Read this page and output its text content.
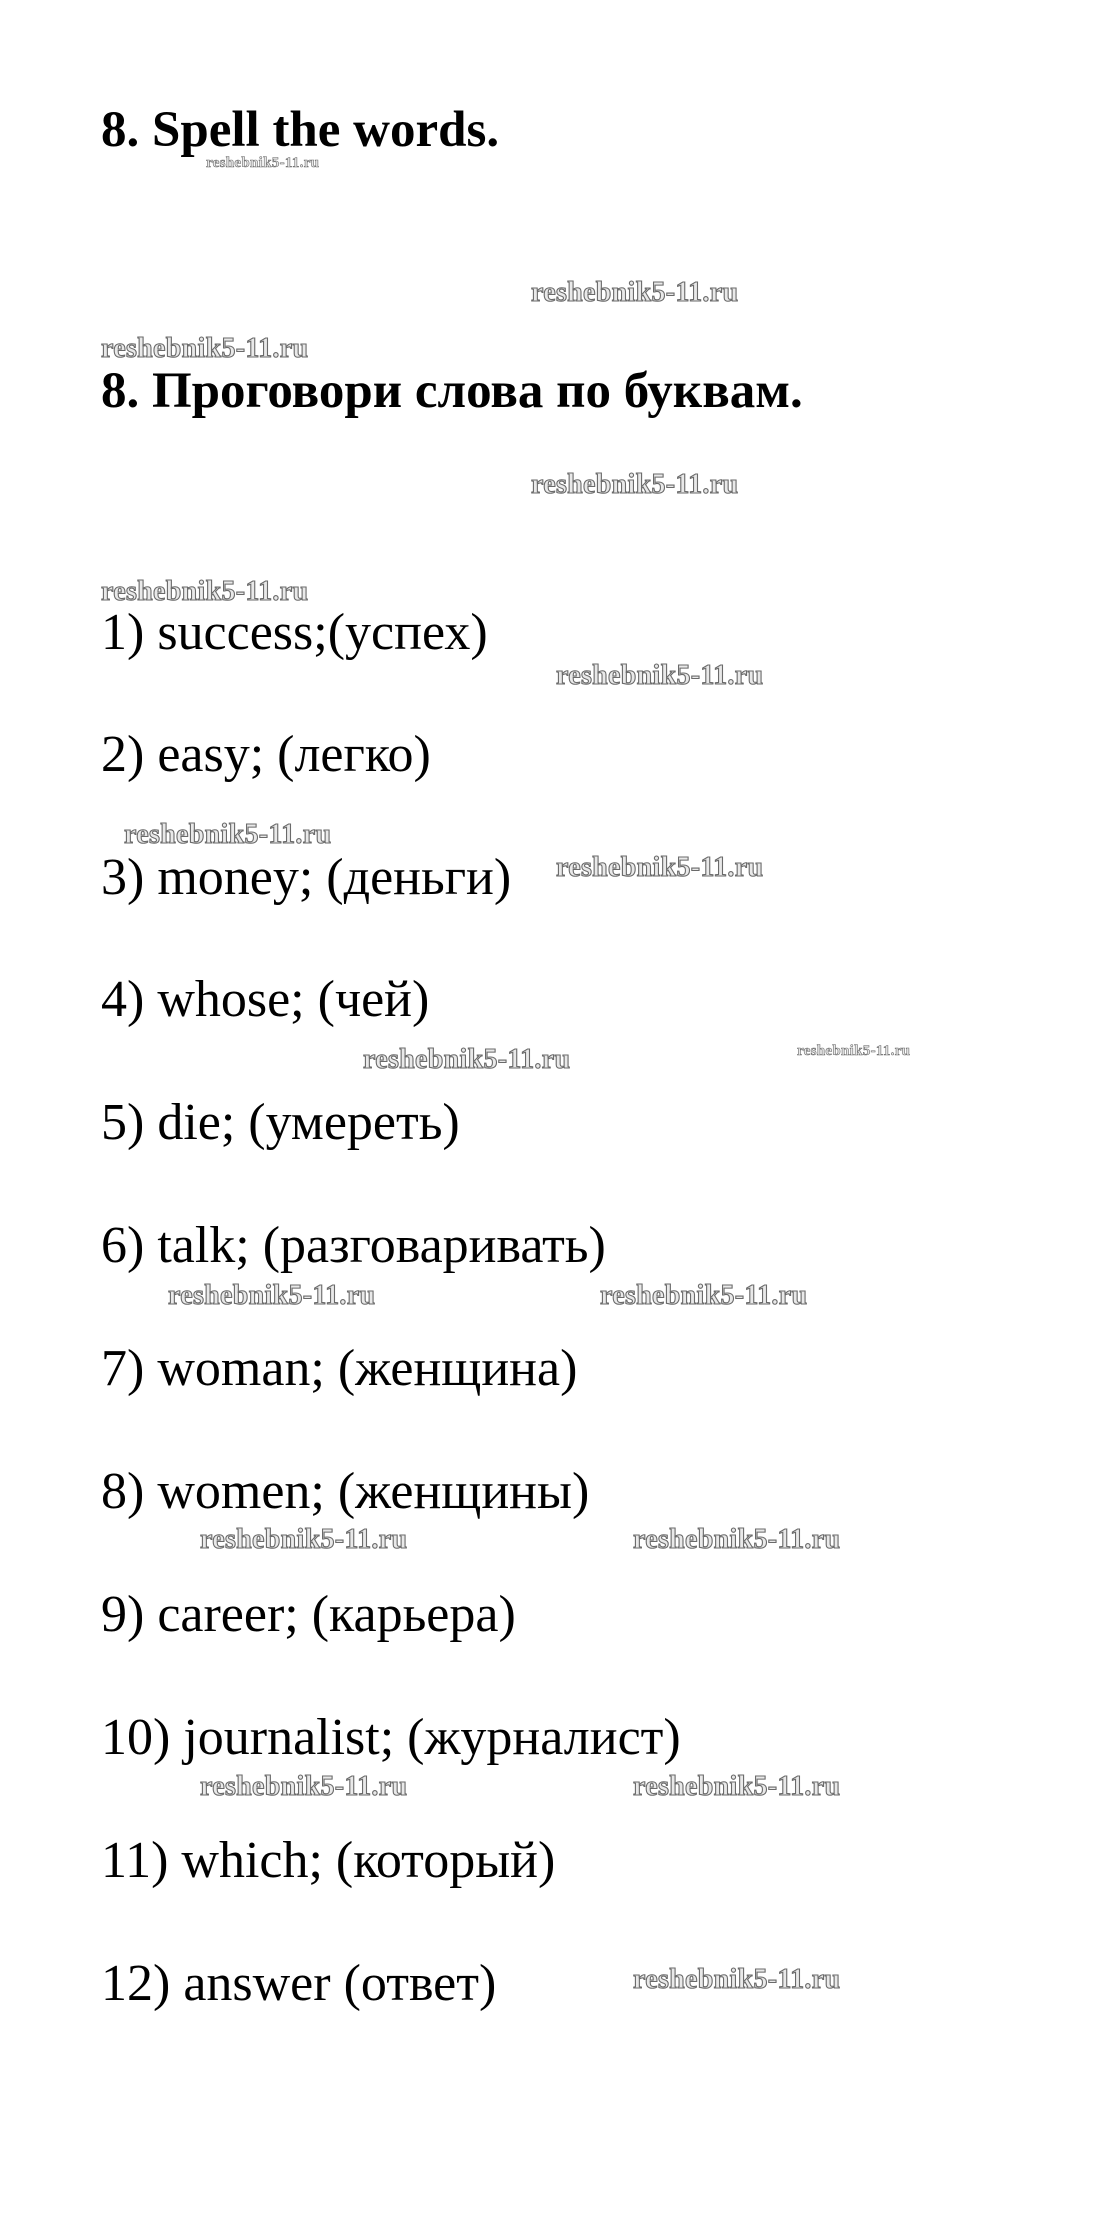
8. Spell the words.
8. Проговори слова по буквам.
1) success;(успех)
2) easy; (легко)
3) money; (деньги)
4) whose; (чей)
5) die; (умереть)
6) talk; (разговаривать)
7) woman; (женщина)
8) women; (женщины)
9) career; (карьера)
10) journalist; (журналист)
11) which; (который)
12) answer (ответ)
reshebnik5-11.ru
reshebnik5-11.ru
reshebnik5-11.ru
reshebnik5-11.ru
reshebnik5-11.ru
reshebnik5-11.ru
reshebnik5-11.ru
reshebnik5-11.ru
reshebnik5-11.ru	reshebnik5-11.ru
reshebnik5-11.ru	reshebnik5-11.ru
reshebnik5-11.ru	reshebnik5-11.ru
reshebnik5-11.ru	reshebnik5-11.ru
reshebnik5-11.ru
